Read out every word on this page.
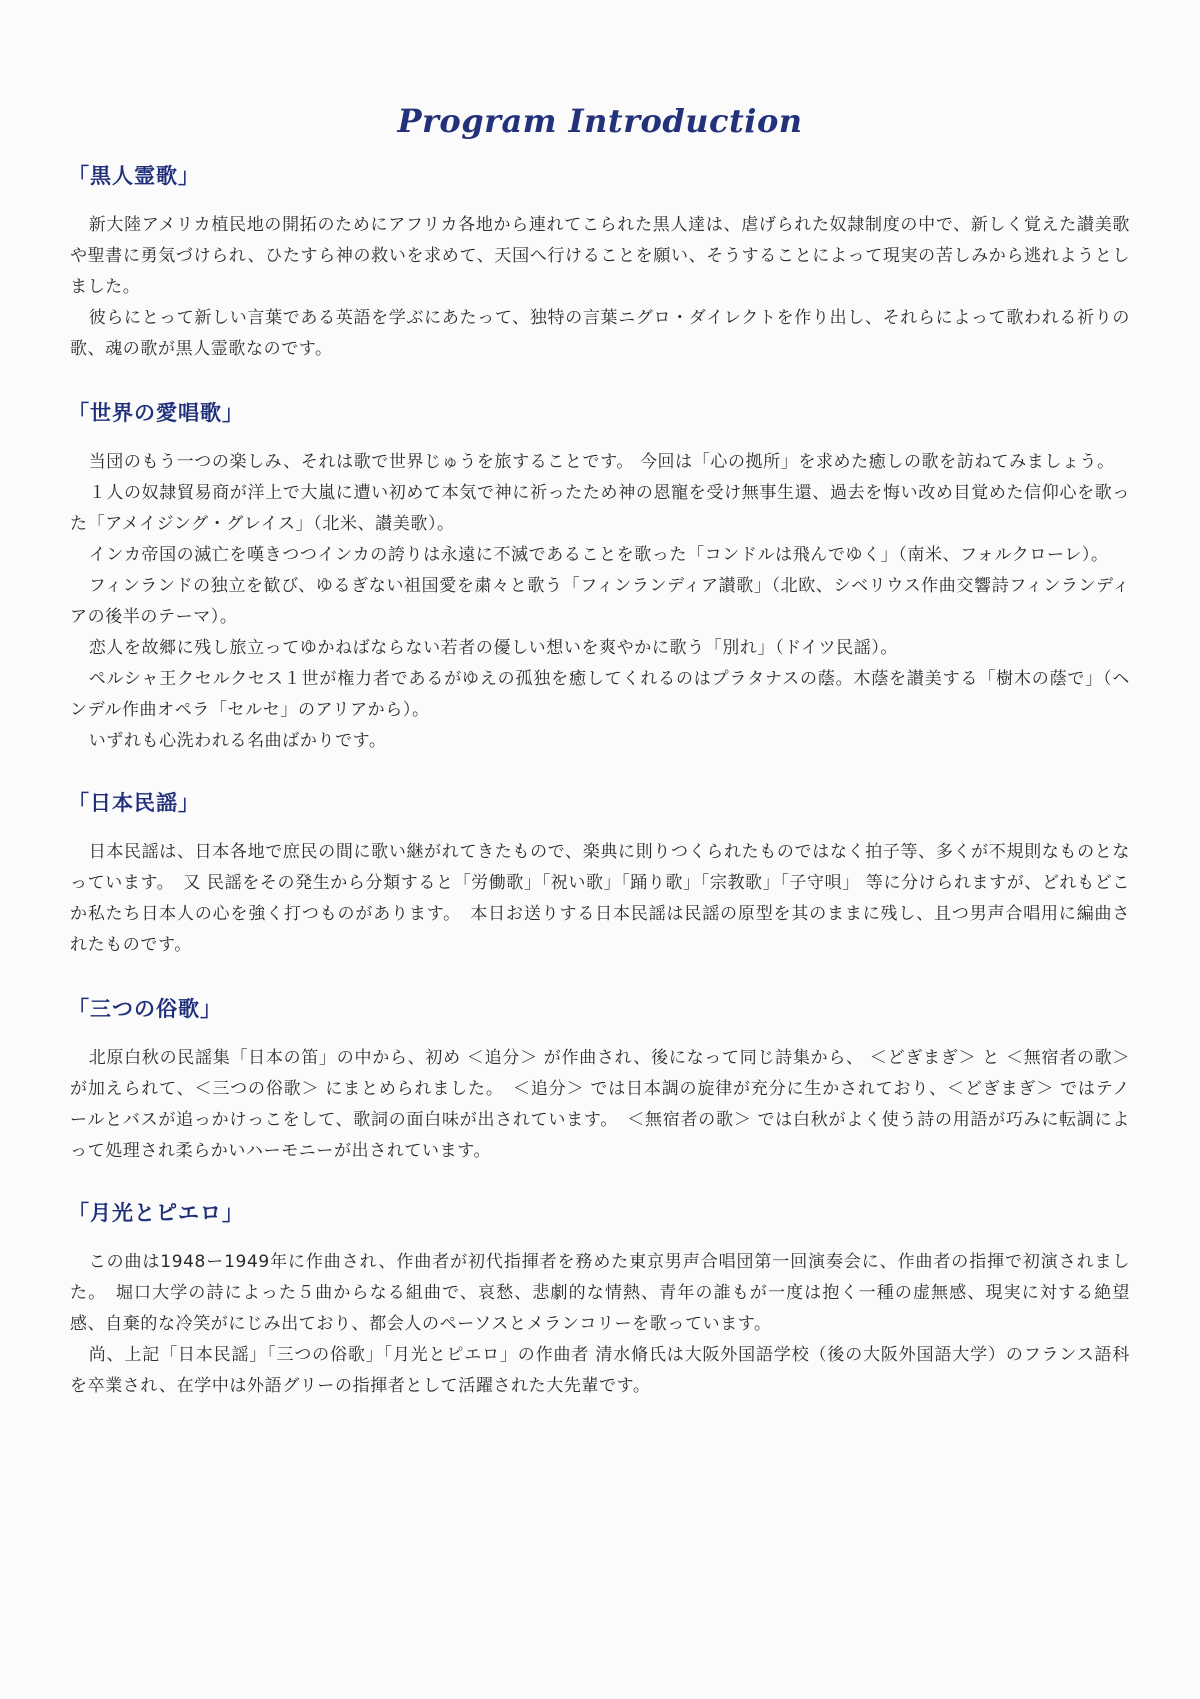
Program Introduction
「黒人霊歌」

新大陸アメリカ植民地の開拓のためにアフリカ各地から連れてこられた黒人達は、虐げられた奴隷制度の中で、新しく覚えた讃美歌や聖書に勇気づけられ、ひたすら神の救いを求めて、天国へ行けることを願い、そうすることによって現実の苦しみから逃れようとしました。

彼らにとって新しい言葉である英語を学ぶにあたって、独特の言葉ニグロ・ダイレクトを作り出し、それらによって歌われる祈りの歌、魂の歌が黒人霊歌なのです。

「世界の愛唱歌」

当団のもう一つの楽しみ、それは歌で世界じゅうを旅することです。 今回は「心の拠所」を求めた癒しの歌を訪ねてみましょう。

１人の奴隷貿易商が洋上で大嵐に遭い初めて本気で神に祈ったため神の恩寵を受け無事生還、過去を悔い改め目覚めた信仰心を歌った「アメイジング・グレイス」（北米、讃美歌）。

インカ帝国の滅亡を嘆きつつインカの誇りは永遠に不滅であることを歌った「コンドルは飛んでゆく」（南米、フォルクローレ）。

フィンランドの独立を歓び、ゆるぎない祖国愛を粛々と歌う「フィンランディア讃歌」（北欧、シベリウス作曲交響詩フィンランディアの後半のテーマ）。

恋人を故郷に残し旅立ってゆかねばならない若者の優しい想いを爽やかに歌う「別れ」（ドイツ民謡）。

ペルシャ王クセルクセス１世が権力者であるがゆえの孤独を癒してくれるのはプラタナスの蔭。木蔭を讃美する「樹木の蔭で」（ヘンデル作曲オペラ「セルセ」のアリアから）。

いずれも心洗われる名曲ばかりです。

「日本民謡」

日本民謡は、日本各地で庶民の間に歌い継がれてきたもので、楽典に則りつくられたものではなく拍子等、多くが不規則なものとなっています。　又 民謡をその発生から分類すると「労働歌」「祝い歌」「踊り歌」「宗教歌」「子守唄」 等に分けられますが、どれもどこか私たち日本人の心を強く打つものがあります。　本日お送りする日本民謡は民謡の原型を其のままに残し、且つ男声合唱用に編曲されたものです。

「三つの俗歌」

北原白秋の民謡集「日本の笛」の中から、初め ＜追分＞ が作曲され、後になって同じ詩集から、 ＜どぎまぎ＞ と ＜無宿者の歌＞ が加えられて、＜三つの俗歌＞ にまとめられました。　＜追分＞ では日本調の旋律が充分に生かされており、＜どぎまぎ＞ ではテノールとバスが追っかけっこをして、歌詞の面白味が出されています。　＜無宿者の歌＞ では白秋がよく使う詩の用語が巧みに転調によって処理され柔らかいハーモニーが出されています。

「月光とピエロ」

この曲は1948ー1949年に作曲され、作曲者が初代指揮者を務めた東京男声合唱団第一回演奏会に、作曲者の指揮で初演されました。　堀口大学の詩によった５曲からなる組曲で、哀愁、悲劇的な情熱、青年の誰もが一度は抱く一種の虚無感、現実に対する絶望感、自棄的な冷笑がにじみ出ており、都会人のペーソスとメランコリーを歌っています。

尚、上記「日本民謡」「三つの俗歌」「月光とピエロ」の作曲者 清水脩氏は大阪外国語学校（後の大阪外国語大学）のフランス語科を卒業され、在学中は外語グリーの指揮者として活躍された大先輩です。
